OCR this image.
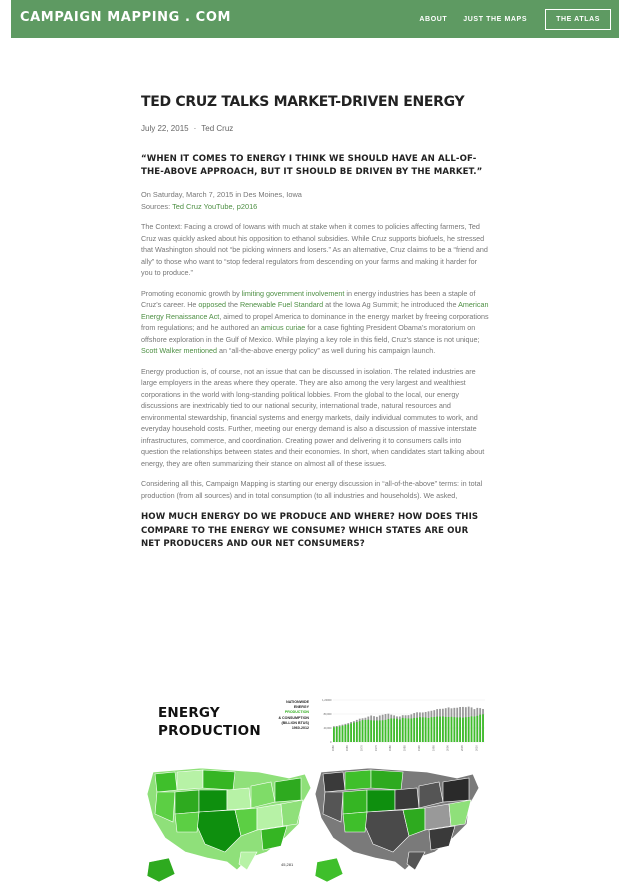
CAMPAIGN MAPPING . COM	ABOUT JUST THE MAPS	THE ATLAS
TED CRUZ TALKS MARKET-DRIVEN ENERGY
July 22, 2015 · Ted Cruz
“WHEN IT COMES TO ENERGY I THINK WE SHOULD HAVE AN ALL-OF-THE-ABOVE APPROACH, BUT IT SHOULD BE DRIVEN BY THE MARKET.”
On Saturday, March 7, 2015 in Des Moines, Iowa
Sources: Ted Cruz YouTube, p2016

The Context: Facing a crowd of Iowans with much at stake when it comes to policies affecting farmers, Ted Cruz was quickly asked about his opposition to ethanol subsidies. While Cruz supports biofuels, he stressed that Washington should not “be picking winners and losers.” As an alternative, Cruz claims to be a “friend and ally” to those who want to “stop federal regulators from descending on your farms and making it harder for you to produce.”

Promoting economic growth by limiting government involvement in energy industries has been a staple of Cruz’s career. He opposed the Renewable Fuel Standard at the Iowa Ag Summit; he introduced the American Energy Renaissance Act, aimed to propel America to dominance in the energy market by freeing corporations from regulations; and he authored an amicus curiae for a case fighting President Obama’s moratorium on offshore exploration in the Gulf of Mexico. While playing a key role in this field, Cruz’s stance is not unique; Scott Walker mentioned an “all-the-above energy policy” as well during his campaign launch.

Energy production is, of course, not an issue that can be discussed in isolation. The related industries are large employers in the areas where they operate. They are also among the very largest and wealthiest corporations in the world with long-standing political lobbies. From the global to the local, our energy discussions are inextricably tied to our national security, international trade, natural resources and environmental stewardship, financial systems and energy markets, daily individual commutes to work, and everyday household costs. Further, meeting our energy demand is also a discussion of massive interstate infrastructures, commerce, and coordination. Creating power and delivering it to consumers calls into question the relationships between states and their economies. In short, when candidates start talking about energy, they are often summarizing their stance on almost all of these issues.

Considering all this, Campaign Mapping is starting our energy discussion in “all-of-the-above” terms: in total production (from all sources) and in total consumption (to all industries and households). We asked,

HOW MUCH ENERGY DO WE PRODUCE AND WHERE? HOW DOES THIS COMPARE TO THE ENERGY WE CONSUME? WHICH STATES ARE OUR NET PRODUCERS AND OUR NET CONSUMERS?
ENERGY
PRODUCTION
NATIONWIDE
ENERGY
PRODUCTION
& CONSUMPTION
(BILLION BTUS)
1960-2012
0
40,000
80,000
1,20000
1960	1965	1970	1975	1980	1985	1990	1995	2000	2005	2010
45,281
